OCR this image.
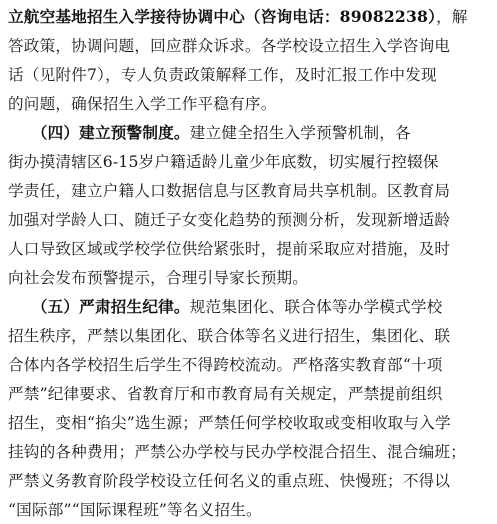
立航空基地招生入学接待协调中心（咨询电话：89082238），解
答政策，协调问题，回应群众诉求。各学校设立招生入学咨询电
话（见附件7），专人负责政策解释工作，及时汇报工作中发现
的问题，确保招生入学工作平稳有序。
　　（四）建立预警制度。建立健全招生入学预警机制，各
街办摸清辖区6-15岁户籍适龄儿童少年底数，切实履行控辍保
学责任，建立户籍人口数据信息与区教育局共享机制。区教育局
加强对学龄人口、随迁子女变化趋势的预测分析，发现新增适龄
人口导致区域或学校学位供给紧张时，提前采取应对措施，及时
向社会发布预警提示，合理引导家长预期。
　　（五）严肃招生纪律。规范集团化、联合体等办学模式学校
招生秩序，严禁以集团化、联合体等名义进行招生，集团化、联
合体内各学校招生后学生不得跨校流动。严格落实教育部“十项
严禁”纪律要求、省教育厅和市教育局有关规定，严禁提前组织
招生，变相“掐尖”选生源；严禁任何学校收取或变相收取与入学
挂钩的各种费用；严禁公办学校与民办学校混合招生、混合编班；
严禁义务教育阶段学校设立任何名义的重点班、快慢班；不得以
“国际部”“国际课程班”等名义招生。
